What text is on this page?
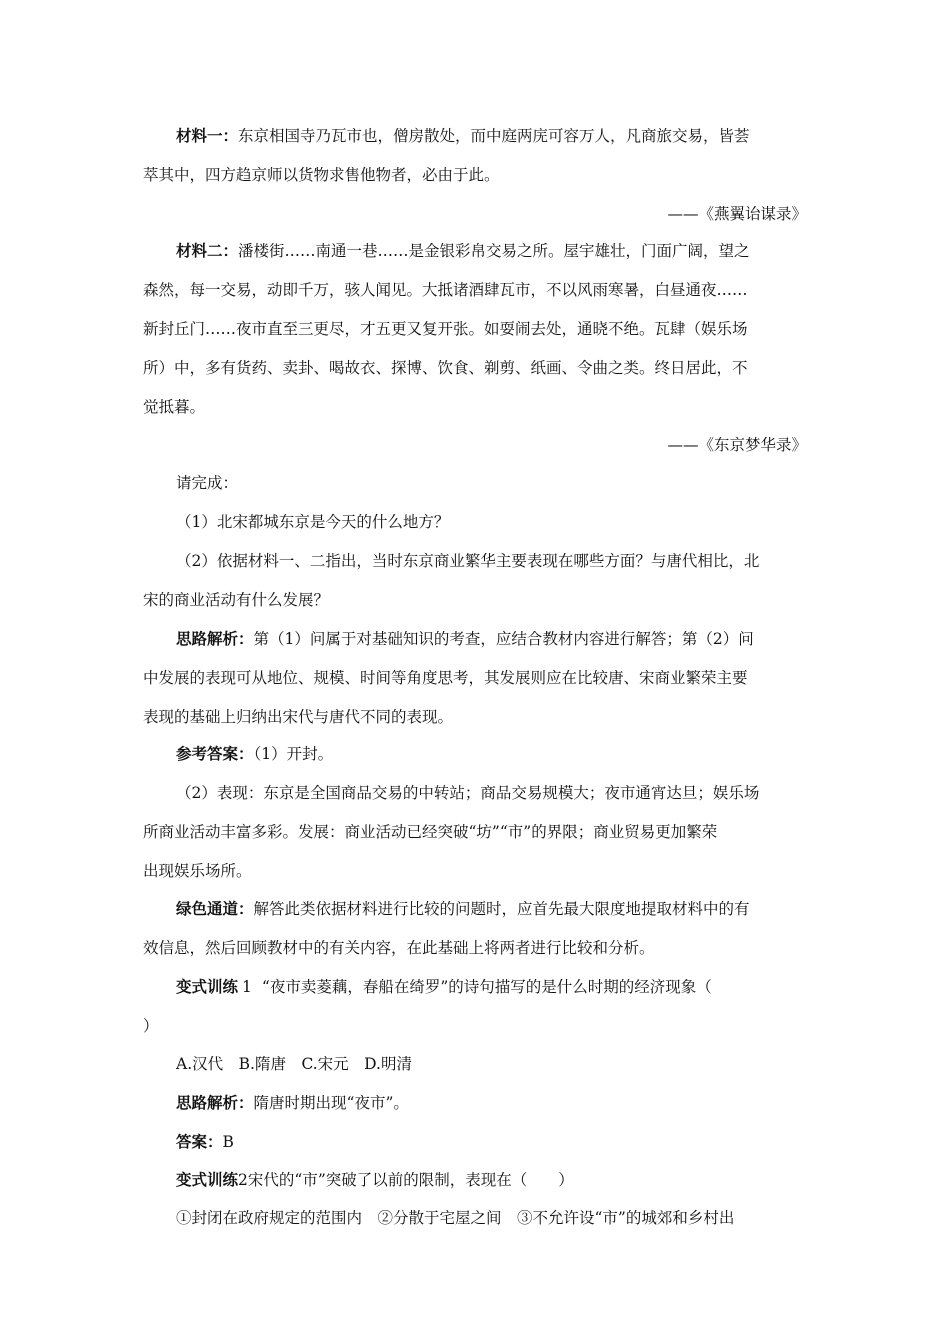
材料一：东京相国寺乃瓦市也，僧房散处，而中庭两庑可容万人，凡商旅交易，皆荟
萃其中，四方趋京师以货物求售他物者，必由于此。
——《燕翼诒谋录》
材料二：潘楼街……南通一巷……是金银彩帛交易之所。屋宇雄壮，门面广阔，望之
森然，每一交易，动即千万，骇人闻见。大抵诸酒肆瓦市，不以风雨寒暑，白昼通夜……
新封丘门……夜市直至三更尽，才五更又复开张。如耍闹去处，通晓不绝。瓦肆（娱乐场
所）中，多有货药、卖卦、喝故衣、探博、饮食、剃剪、纸画、令曲之类。终日居此，不
觉抵暮。
——《东京梦华录》
请完成：
（1）北宋都城东京是今天的什么地方？
（2）依据材料一、二指出，当时东京商业繁华主要表现在哪些方面？与唐代相比，北
宋的商业活动有什么发展？
思路解析：第（1）问属于对基础知识的考查，应结合教材内容进行解答；第（2）问
中发展的表现可从地位、规模、时间等角度思考，其发展则应在比较唐、宋商业繁荣主要
表现的基础上归纳出宋代与唐代不同的表现。
参考答案：（1）开封。
（2）表现：东京是全国商品交易的中转站；商品交易规模大；夜市通宵达旦；娱乐场
所商业活动丰富多彩。发展：商业活动已经突破“坊”“市”的界限；商业贸易更加繁荣
出现娱乐场所。
绿色通道：解答此类依据材料进行比较的问题时，应首先最大限度地提取材料中的有
效信息，然后回顾教材中的有关内容，在此基础上将两者进行比较和分析。
变式训练 1 “夜市卖菱藕，春船在绮罗”的诗句描写的是什么时期的经济现象（
）
A.汉代　B.隋唐　C.宋元　D.明清
思路解析：隋唐时期出现“夜市”。
答案：B
变式训练2宋代的“市”突破了以前的限制，表现在（　　）
①封闭在政府规定的范围内　②分散于宅屋之间　③不允许设“市”的城郊和乡村出
